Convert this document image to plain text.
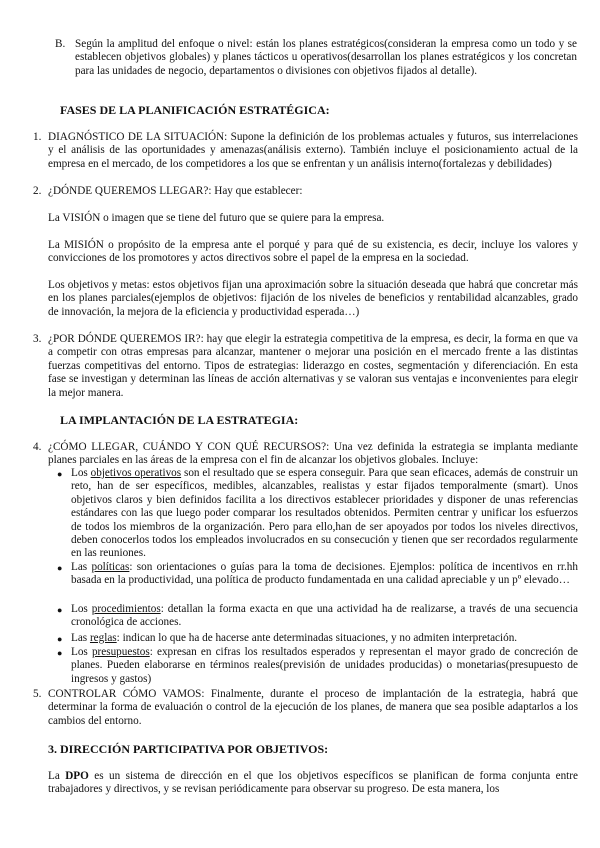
B. Según la amplitud del enfoque o nivel: están los planes estratégicos(consideran la empresa como un todo y se establecen objetivos globales) y planes tácticos u operativos(desarrollan los planes estratégicos y los concretan para las unidades de negocio, departamentos o divisiones con objetivos fijados al detalle).

FASES DE LA PLANIFICACIÓN ESTRATÉGICA:

1. DIAGNÓSTICO DE LA SITUACIÓN: Supone la definición de los problemas actuales y futuros, sus interrelaciones y el análisis de las oportunidades y amenazas(análisis externo). También incluye el posicionamiento actual de la empresa en el mercado, de los competidores a los que se enfrentan y un análisis interno(fortalezas y debilidades)

2. ¿DÓNDE QUEREMOS LLEGAR?: Hay que establecer:

La VISIÓN o imagen que se tiene del futuro que se quiere para la empresa.

La MISIÓN o propósito de la empresa ante el porqué y para qué de su existencia, es decir, incluye los valores y convicciones de los promotores y actos directivos sobre el papel de la empresa en la sociedad.

Los objetivos y metas: estos objetivos fijan una aproximación sobre la situación deseada que habrá que concretar más en los planes parciales(ejemplos de objetivos: fijación de los niveles de beneficios y rentabilidad alcanzables, grado de innovación, la mejora de la eficiencia y productividad esperada…)

3. ¿POR DÓNDE QUEREMOS IR?: hay que elegir la estrategia competitiva de la empresa, es decir, la forma en que va a competir con otras empresas para alcanzar, mantener o mejorar una posición en el mercado frente a las distintas fuerzas competitivas del entorno. Tipos de estrategias: liderazgo en costes, segmentación y diferenciación. En esta fase se investigan y determinan las líneas de acción alternativas y se valoran sus ventajas e inconvenientes para elegir la mejor manera.

LA IMPLANTACIÓN DE LA ESTRATEGIA:

4. ¿CÓMO LLEGAR, CUÁNDO Y CON QUÉ RECURSOS?: Una vez definida la estrategia se implanta mediante planes parciales en las áreas de la empresa con el fin de alcanzar los objetivos globales. Incluye:

● Los objetivos operativos son el resultado que se espera conseguir. Para que sean eficaces, además de construir un reto, han de ser específicos, medibles, alcanzables, realistas y estar fijados temporalmente (smart). Unos objetivos claros y bien definidos facilita a los directivos establecer prioridades y disponer de unas referencias estándares con las que luego poder comparar los resultados obtenidos. Permiten centrar y unificar los esfuerzos de todos los miembros de la organización. Pero para ello,han de ser apoyados por todos los niveles directivos, deben conocerlos todos los empleados involucrados en su consecución y tienen que ser recordados regularmente en las reuniones.

● Las políticas: son orientaciones o guías para la toma de decisiones. Ejemplos: política de incentivos en rr.hh basada en la productividad, una política de producto fundamentada en una calidad apreciable y un pº elevado…

● Los procedimientos: detallan la forma exacta en que una actividad ha de realizarse, a través de una secuencia cronológica de acciones.

● Las reglas: indican lo que ha de hacerse ante determinadas situaciones, y no admiten interpretación.

● Los presupuestos: expresan en cifras los resultados esperados y representan el mayor grado de concreción de planes. Pueden elaborarse en términos reales(previsión de unidades producidas) o monetarias(presupuesto de ingresos y gastos)

5. CONTROLAR CÓMO VAMOS: Finalmente, durante el proceso de implantación de la estrategia, habrá que determinar la forma de evaluación o control de la ejecución de los planes, de manera que sea posible adaptarlos a los cambios del entorno.

3. DIRECCIÓN PARTICIPATIVA POR OBJETIVOS:

La DPO es un sistema de dirección en el que los objetivos específicos se planifican de forma conjunta entre trabajadores y directivos, y se revisan periódicamente para observar su progreso. De esta manera, los
